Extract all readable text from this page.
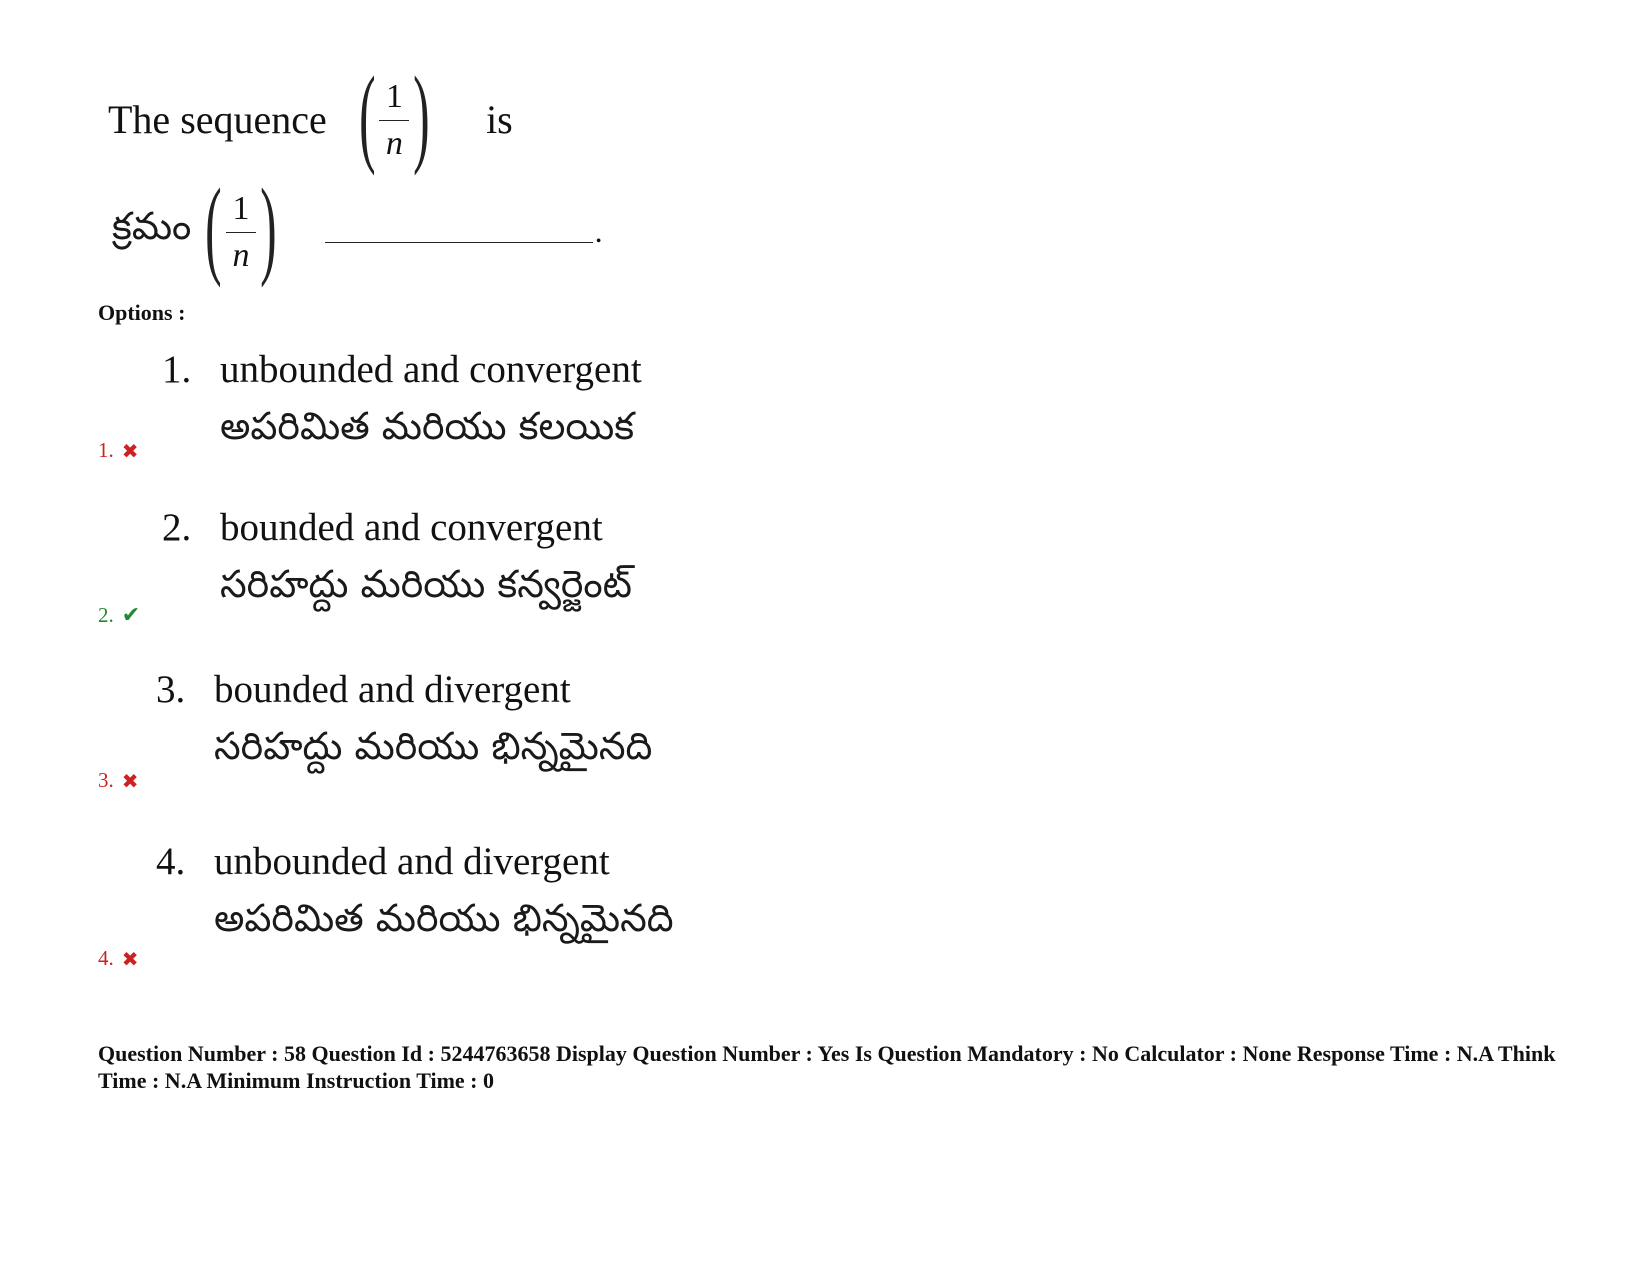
The sequence ( $\frac{1}{n}$ ) is
క్రమం ( $\frac{1}{n}$ )	.
Options :
1. unbounded and convergent
అపరిమిత మరియు కలయిక
1. ✖
2. bounded and convergent
సరిహద్దు మరియు కన్వర్జెంట్
2. ✔
3. bounded and divergent
సరిహద్దు మరియు భిన్నమైనది
3. ✖
4. unbounded and divergent
అపరిమిత మరియు భిన్నమైనది
4. ✖
Question Number : 58 Question Id : 5244763658 Display Question Number : Yes Is Question Mandatory : No Calculator : None Response Time : N.A Think Time : N.A Minimum Instruction Time : 0
